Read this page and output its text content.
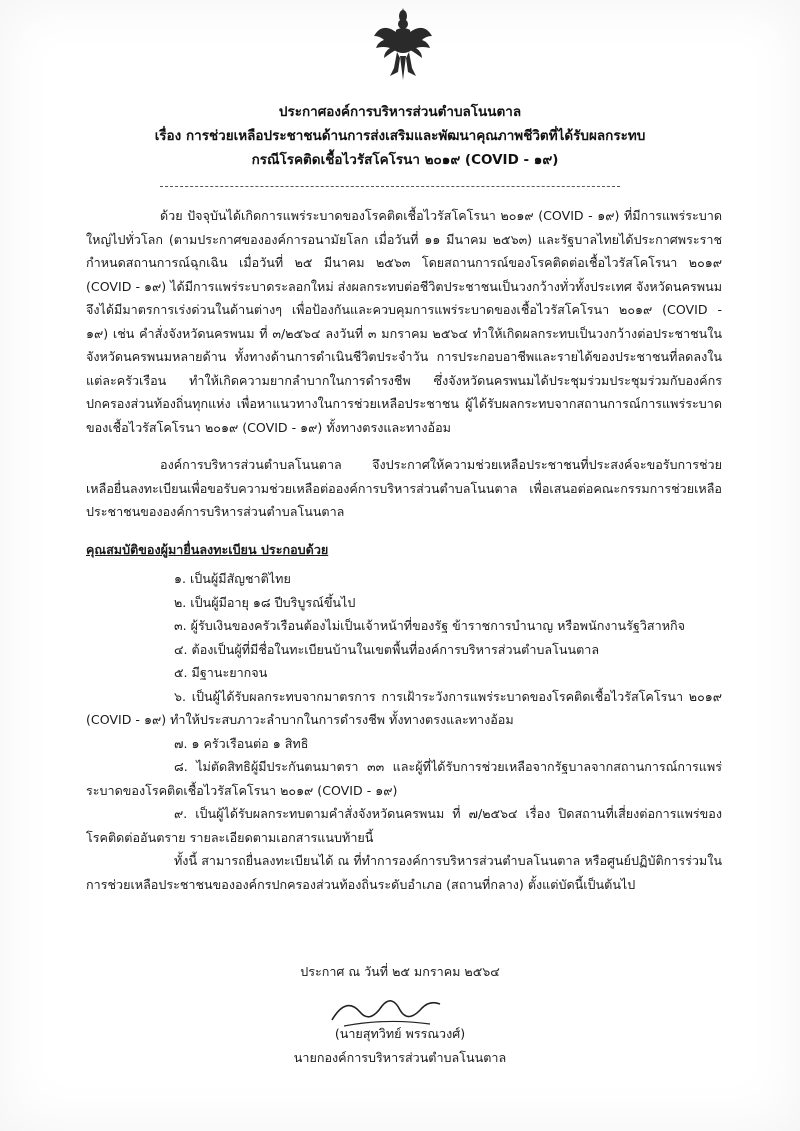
ประกาศองค์การบริหารส่วนตำบลโนนตาล
เรื่อง การช่วยเหลือประชาชนด้านการส่งเสริมและพัฒนาคุณภาพชีวิตที่ได้รับผลกระทบ
กรณีโรคติดเชื้อไวรัสโคโรนา ๒๐๑๙ (COVID - ๑๙)

ด้วย ปัจจุบันได้เกิดการแพร่ระบาดของโรคติดเชื้อไวรัสโคโรนา ๒๐๑๙ (COVID - ๑๙) ที่มีการแพร่ระบาดใหญ่ไปทั่วโลก (ตามประกาศขององค์การอนามัยโลก เมื่อวันที่ ๑๑ มีนาคม ๒๕๖๓) และรัฐบาลไทยได้ประกาศพระราชกำหนดสถานการณ์ฉุกเฉิน เมื่อวันที่ ๒๕ มีนาคม ๒๕๖๓ โดยสถานการณ์ของโรคติดต่อเชื้อไวรัสโคโรนา ๒๐๑๙ (COVID - ๑๙) ได้มีการแพร่ระบาดระลอกใหม่ ส่งผลกระทบต่อชีวิตประชาชนเป็นวงกว้างทั่วทั้งประเทศ จังหวัดนครพนม จึงได้มีมาตรการเร่งด่วนในด้านต่างๆ เพื่อป้องกันและควบคุมการแพร่ระบาดของเชื้อไวรัสโคโรนา ๒๐๑๙ (COVID - ๑๙) เช่น คำสั่งจังหวัดนครพนม ที่ ๓/๒๕๖๔ ลงวันที่ ๓ มกราคม ๒๕๖๔ ทำให้เกิดผลกระทบเป็นวงกว้างต่อประชาชนในจังหวัดนครพนมหลายด้าน ทั้งทางด้านการดำเนินชีวิตประจำวัน การประกอบอาชีพและรายได้ของประชาชนที่ลดลงในแต่ละครัวเรือน ทำให้เกิดความยากลำบากในการดำรงชีพ ซึ่งจังหวัดนครพนมได้ประชุมร่วมประชุมร่วมกับองค์กรปกครองส่วนท้องถิ่นทุกแห่ง เพื่อหาแนวทางในการช่วยเหลือประชาชน ผู้ได้รับผลกระทบจากสถานการณ์การแพร่ระบาดของเชื้อไวรัสโคโรนา ๒๐๑๙ (COVID - ๑๙) ทั้งทางตรงและทางอ้อม

องค์การบริหารส่วนตำบลโนนตาล จึงประกาศให้ความช่วยเหลือประชาชนที่ประสงค์จะขอรับการช่วยเหลือยื่นลงทะเบียนเพื่อขอรับความช่วยเหลือต่อองค์การบริหารส่วนตำบลโนนตาล เพื่อเสนอต่อคณะกรรมการช่วยเหลือประชาชนขององค์การบริหารส่วนตำบลโนนตาล

คุณสมบัติของผู้มายื่นลงทะเบียน ประกอบด้วย

๑. เป็นผู้มีสัญชาติไทย

๒. เป็นผู้มีอายุ ๑๘ ปีบริบูรณ์ขึ้นไป

๓. ผู้รับเงินของครัวเรือนต้องไม่เป็นเจ้าหน้าที่ของรัฐ ข้าราชการบำนาญ หรือพนักงานรัฐวิสาหกิจ

๔. ต้องเป็นผู้ที่มีชื่อในทะเบียนบ้านในเขตพื้นที่องค์การบริหารส่วนตำบลโนนตาล

๕. มีฐานะยากจน

๖. เป็นผู้ได้รับผลกระทบจากมาตรการ การเฝ้าระวังการแพร่ระบาดของโรคติดเชื้อไวรัสโคโรนา ๒๐๑๙ (COVID - ๑๙) ทำให้ประสบภาวะลำบากในการดำรงชีพ ทั้งทางตรงและทางอ้อม

๗. ๑ ครัวเรือนต่อ ๑ สิทธิ

๘. ไม่ตัดสิทธิผู้มีประกันตนมาตรา ๓๓ และผู้ที่ได้รับการช่วยเหลือจากรัฐบาลจากสถานการณ์การแพร่ระบาดของโรคติดเชื้อไวรัสโคโรนา ๒๐๑๙ (COVID - ๑๙)

๙. เป็นผู้ได้รับผลกระทบตามคำสั่งจังหวัดนครพนม ที่ ๗/๒๕๖๔ เรื่อง ปิดสถานที่เสี่ยงต่อการแพร่ของโรคติดต่ออันตราย รายละเอียดตามเอกสารแนบท้ายนี้

ทั้งนี้ สามารถยื่นลงทะเบียนได้ ณ ที่ทำการองค์การบริหารส่วนตำบลโนนตาล หรือศูนย์ปฏิบัติการร่วมในการช่วยเหลือประชาชนขององค์กรปกครองส่วนท้องถิ่นระดับอำเภอ (สถานที่กลาง) ตั้งแต่บัดนี้เป็นต้นไป

ประกาศ ณ วันที่ ๒๕ มกราคม ๒๕๖๔
(นายสุทวิทย์ พรรณวงศ์)
นายกองค์การบริหารส่วนตำบลโนนตาล
